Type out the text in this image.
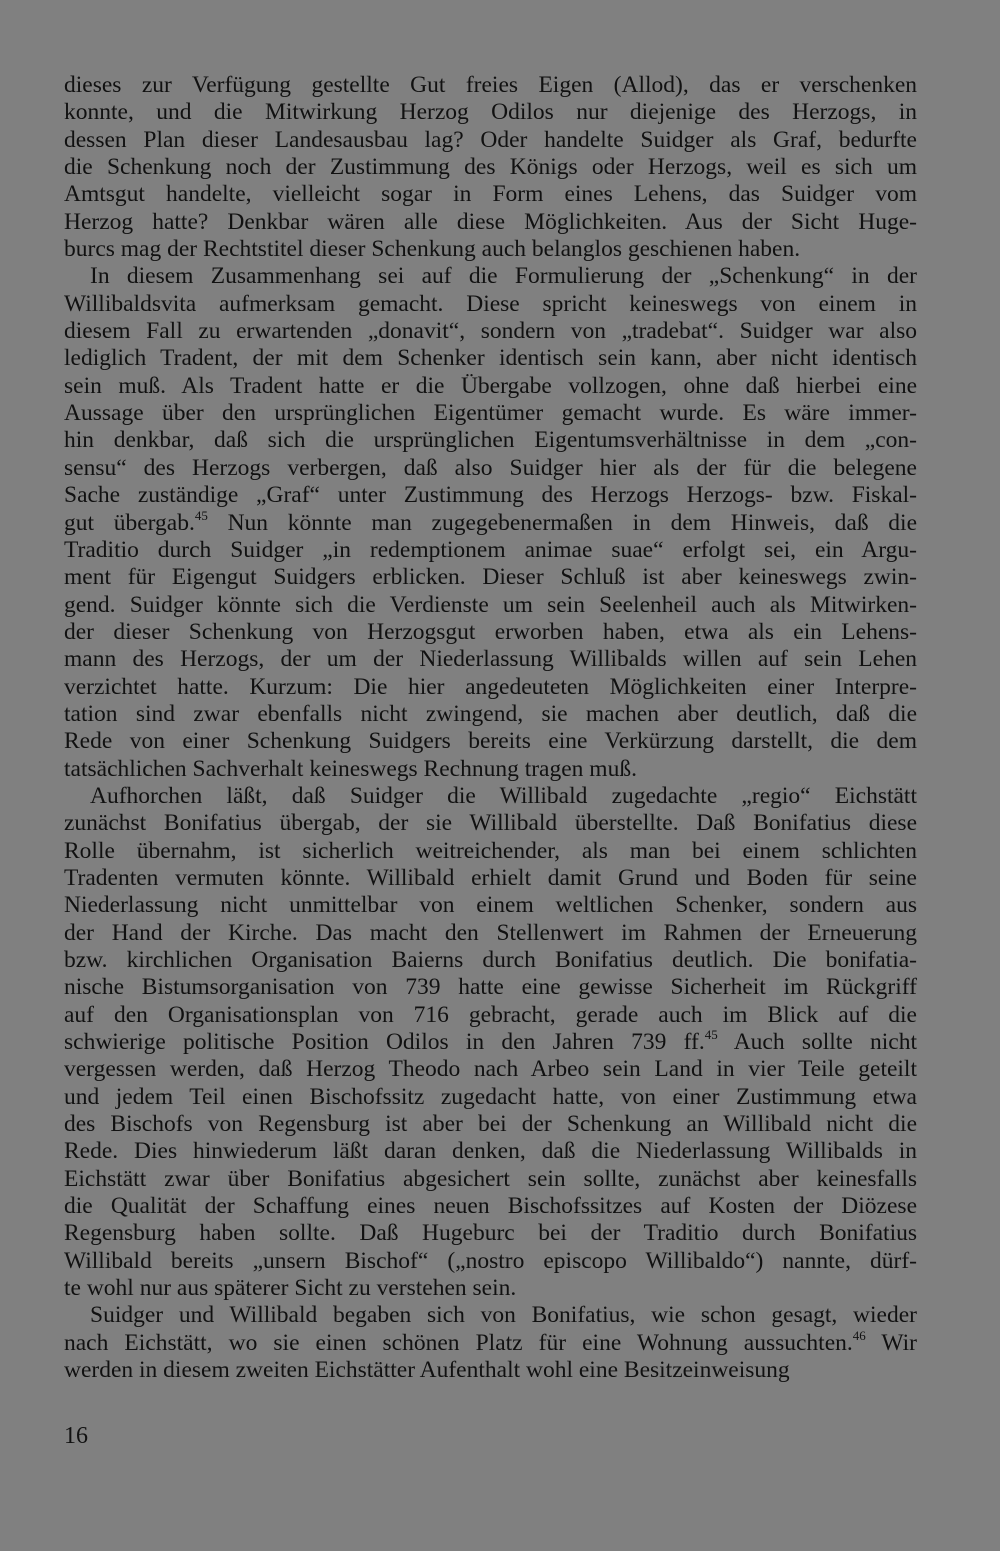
dieses zur Verfügung gestellte Gut freies Eigen (Allod), das er verschenken
konnte, und die Mitwirkung Herzog Odilos nur diejenige des Herzogs, in
dessen Plan dieser Landesausbau lag? Oder handelte Suidger als Graf, bedurfte
die Schenkung noch der Zustimmung des Königs oder Herzogs, weil es sich um
Amtsgut handelte, vielleicht sogar in Form eines Lehens, das Suidger vom
Herzog hatte? Denkbar wären alle diese Möglichkeiten. Aus der Sicht Huge-
burcs mag der Rechtstitel dieser Schenkung auch belanglos geschienen haben.
In diesem Zusammenhang sei auf die Formulierung der „Schenkung“ in der
Willibaldsvita aufmerksam gemacht. Diese spricht keineswegs von einem in
diesem Fall zu erwartenden „donavit“, sondern von „tradebat“. Suidger war also
lediglich Tradent, der mit dem Schenker identisch sein kann, aber nicht identisch
sein muß. Als Tradent hatte er die Übergabe vollzogen, ohne daß hierbei eine
Aussage über den ursprünglichen Eigentümer gemacht wurde. Es wäre immer-
hin denkbar, daß sich die ursprünglichen Eigentumsverhältnisse in dem „con-
sensu“ des Herzogs verbergen, daß also Suidger hier als der für die belegene
Sache zuständige „Graf“ unter Zustimmung des Herzogs Herzogs- bzw. Fiskal-
gut übergab.$^{45}$ Nun könnte man zugegebenermaßen in dem Hinweis, daß die
Traditio durch Suidger „in redemptionem animae suae“ erfolgt sei, ein Argu-
ment für Eigengut Suidgers erblicken. Dieser Schluß ist aber keineswegs zwin-
gend. Suidger könnte sich die Verdienste um sein Seelenheil auch als Mitwirken-
der dieser Schenkung von Herzogsgut erworben haben, etwa als ein Lehens-
mann des Herzogs, der um der Niederlassung Willibalds willen auf sein Lehen
verzichtet hatte. Kurzum: Die hier angedeuteten Möglichkeiten einer Interpre-
tation sind zwar ebenfalls nicht zwingend, sie machen aber deutlich, daß die
Rede von einer Schenkung Suidgers bereits eine Verkürzung darstellt, die dem
tatsächlichen Sachverhalt keineswegs Rechnung tragen muß.
Aufhorchen läßt, daß Suidger die Willibald zugedachte „regio“ Eichstätt
zunächst Bonifatius übergab, der sie Willibald überstellte. Daß Bonifatius diese
Rolle übernahm, ist sicherlich weitreichender, als man bei einem schlichten
Tradenten vermuten könnte. Willibald erhielt damit Grund und Boden für seine
Niederlassung nicht unmittelbar von einem weltlichen Schenker, sondern aus
der Hand der Kirche. Das macht den Stellenwert im Rahmen der Erneuerung
bzw. kirchlichen Organisation Baierns durch Bonifatius deutlich. Die bonifatia-
nische Bistumsorganisation von 739 hatte eine gewisse Sicherheit im Rückgriff
auf den Organisationsplan von 716 gebracht, gerade auch im Blick auf die
schwierige politische Position Odilos in den Jahren 739 ff.$^{45}$ Auch sollte nicht
vergessen werden, daß Herzog Theodo nach Arbeo sein Land in vier Teile geteilt
und jedem Teil einen Bischofssitz zugedacht hatte, von einer Zustimmung etwa
des Bischofs von Regensburg ist aber bei der Schenkung an Willibald nicht die
Rede. Dies hinwiederum läßt daran denken, daß die Niederlassung Willibalds in
Eichstätt zwar über Bonifatius abgesichert sein sollte, zunächst aber keinesfalls
die Qualität der Schaffung eines neuen Bischofssitzes auf Kosten der Diözese
Regensburg haben sollte. Daß Hugeburc bei der Traditio durch Bonifatius
Willibald bereits „unsern Bischof“ („nostro episcopo Willibaldo“) nannte, dürf-
te wohl nur aus späterer Sicht zu verstehen sein.
Suidger und Willibald begaben sich von Bonifatius, wie schon gesagt, wieder
nach Eichstätt, wo sie einen schönen Platz für eine Wohnung aussuchten.$^{46}$ Wir
werden in diesem zweiten Eichstätter Aufenthalt wohl eine Besitzeinweisung
16
